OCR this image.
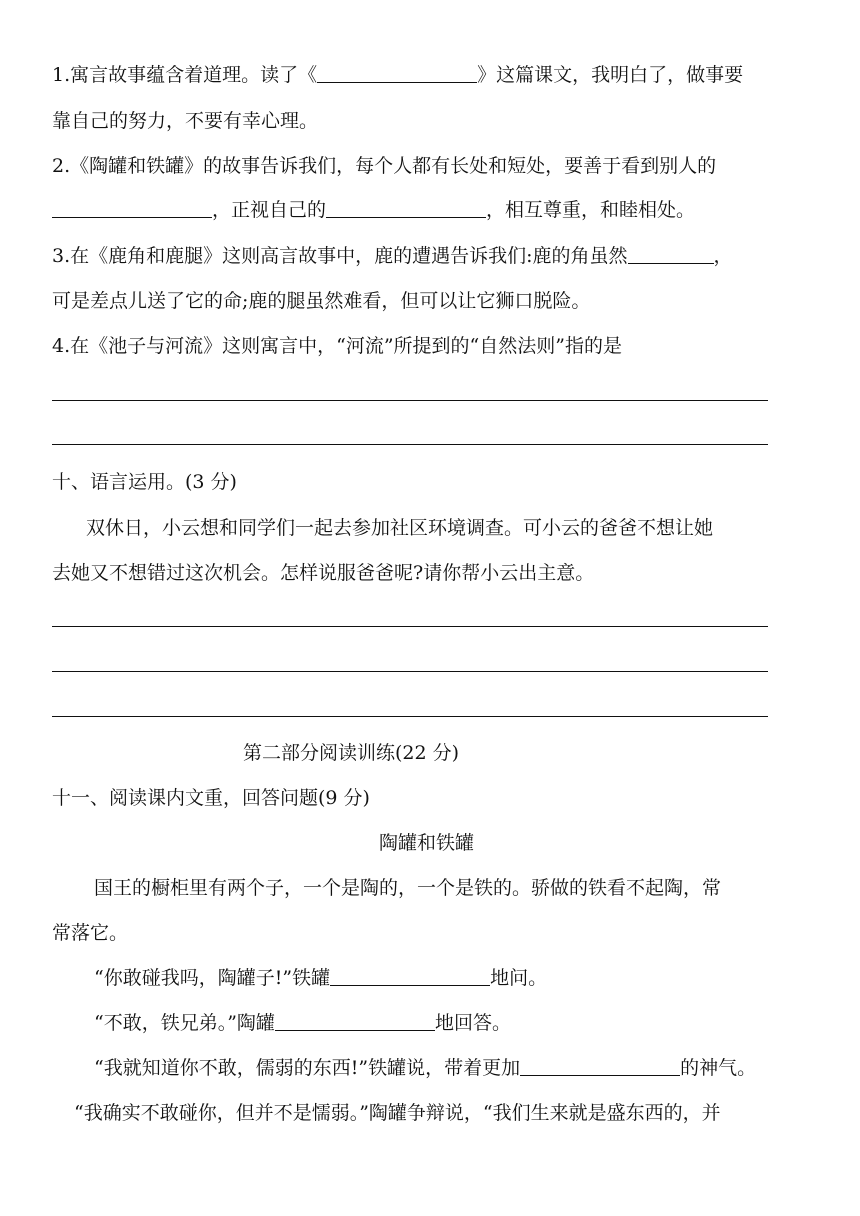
1.寓言故事蕴含着道理。读了《	》这篇课文，我明白了，做事要
靠自己的努力，不要有幸心理。
2.《陶罐和铁罐》的故事告诉我们，每个人都有长处和短处，要善于看到别人的
，正视自己的	，相互尊重，和睦相处。
3.在《鹿角和鹿腿》这则高言故事中，鹿的遭遇告诉我们:鹿的角虽然	，
可是差点儿送了它的命;鹿的腿虽然难看，但可以让它狮口脱险。
4.在《池子与河流》这则寓言中，“河流”所提到的“自然法则”指的是
十、语言运用。(3 分)
双休日，小云想和同学们一起去参加社区环境调查。可小云的爸爸不想让她
去她又不想错过这次机会。怎样说服爸爸呢?请你帮小云出主意。
第二部分阅读训练(22 分)
十一、阅读课内文重，回答问题(9 分)
陶罐和铁罐
国王的橱柜里有两个子，一个是陶的，一个是铁的。骄做的铁看不起陶，常
常落它。
“你敢碰我吗，陶罐子!”铁罐	地问。
“不敢，铁兄弟。”陶罐	地回答。
“我就知道你不敢，儒弱的东西!”铁罐说，带着更加	的神气。
“我确实不敢碰你，但并不是懦弱。”陶罐争辩说，“我们生来就是盛东西的，并
